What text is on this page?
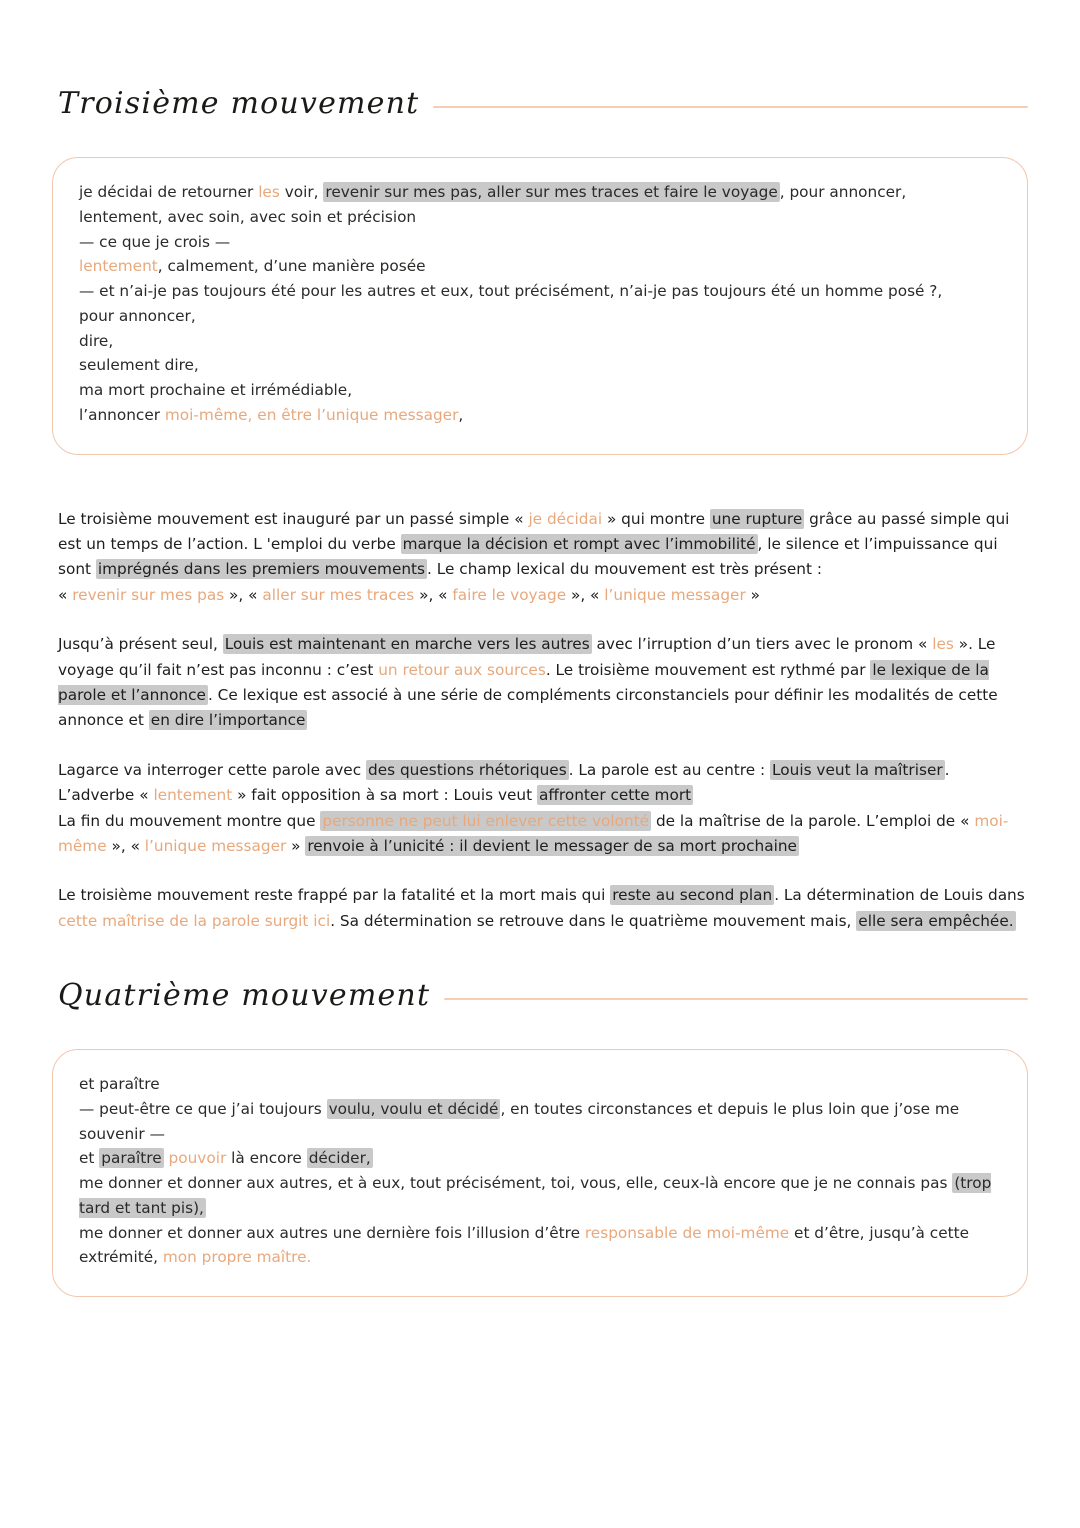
Troisième mouvement
je décidai de retourner les voir, revenir sur mes pas, aller sur mes traces et faire le voyage , pour annoncer,
lentement, avec soin, avec soin et précision
— ce que je crois —
lentement, calmement, d’une manière posée
— et n’ai-je pas toujours été pour les autres et eux, tout précisément, n’ai-je pas toujours été un homme posé ?,
pour annoncer,
dire,
seulement dire,
ma mort prochaine et irrémédiable,
l’annoncer moi-même, en être l’unique messager,

Le troisième mouvement est inauguré par un passé simple « je décidai » qui montre une rupture grâce au passé simple qui est un temps de l’action. L 'emploi du verbe marque la décision et rompt avec l’immobilité , le silence et l’impuissance qui sont imprégnés dans les premiers mouvements . Le champ lexical du mouvement est très présent :
« revenir sur mes pas », « aller sur mes traces », « faire le voyage », « l’unique messager »

Jusqu’à présent seul, Louis est maintenant en marche vers les autres avec l’irruption d’un tiers avec le pronom « les ». Le voyage qu’il fait n’est pas inconnu : c’est un retour aux sources. Le troisième mouvement est rythmé par le lexique de la parole et l’annonce . Ce lexique est associé à une série de compléments circonstanciels pour définir les modalités de cette annonce et en dire l’importance

Lagarce va interroger cette parole avec des questions rhétoriques . La parole est au centre : Louis veut la maîtriser . L’adverbe « lentement » fait opposition à sa mort : Louis veut affronter cette mort
La fin du mouvement montre que personne ne peut lui enlever cette volonté de la maîtrise de la parole. L’emploi de « moi-même », « l’unique messager » renvoie à l’unicité : il devient le messager de sa mort prochaine

Le troisième mouvement reste frappé par la fatalité et la mort mais qui reste au second plan . La détermination de Louis dans cette maîtrise de la parole surgit ici. Sa détermination se retrouve dans le quatrième mouvement mais, elle sera empêchée.

Quatrième mouvement
et paraître
— peut-être ce que j’ai toujours voulu, voulu et décidé , en toutes circonstances et depuis le plus loin que j’ose me souvenir —
et paraître pouvoir là encore décider,
me donner et donner aux autres, et à eux, tout précisément, toi, vous, elle, ceux-là encore que je ne connais pas (trop tard et tant pis),
me donner et donner aux autres une dernière fois l’illusion d’être responsable de moi-même et d’être, jusqu’à cette extrémité, mon propre maître.
